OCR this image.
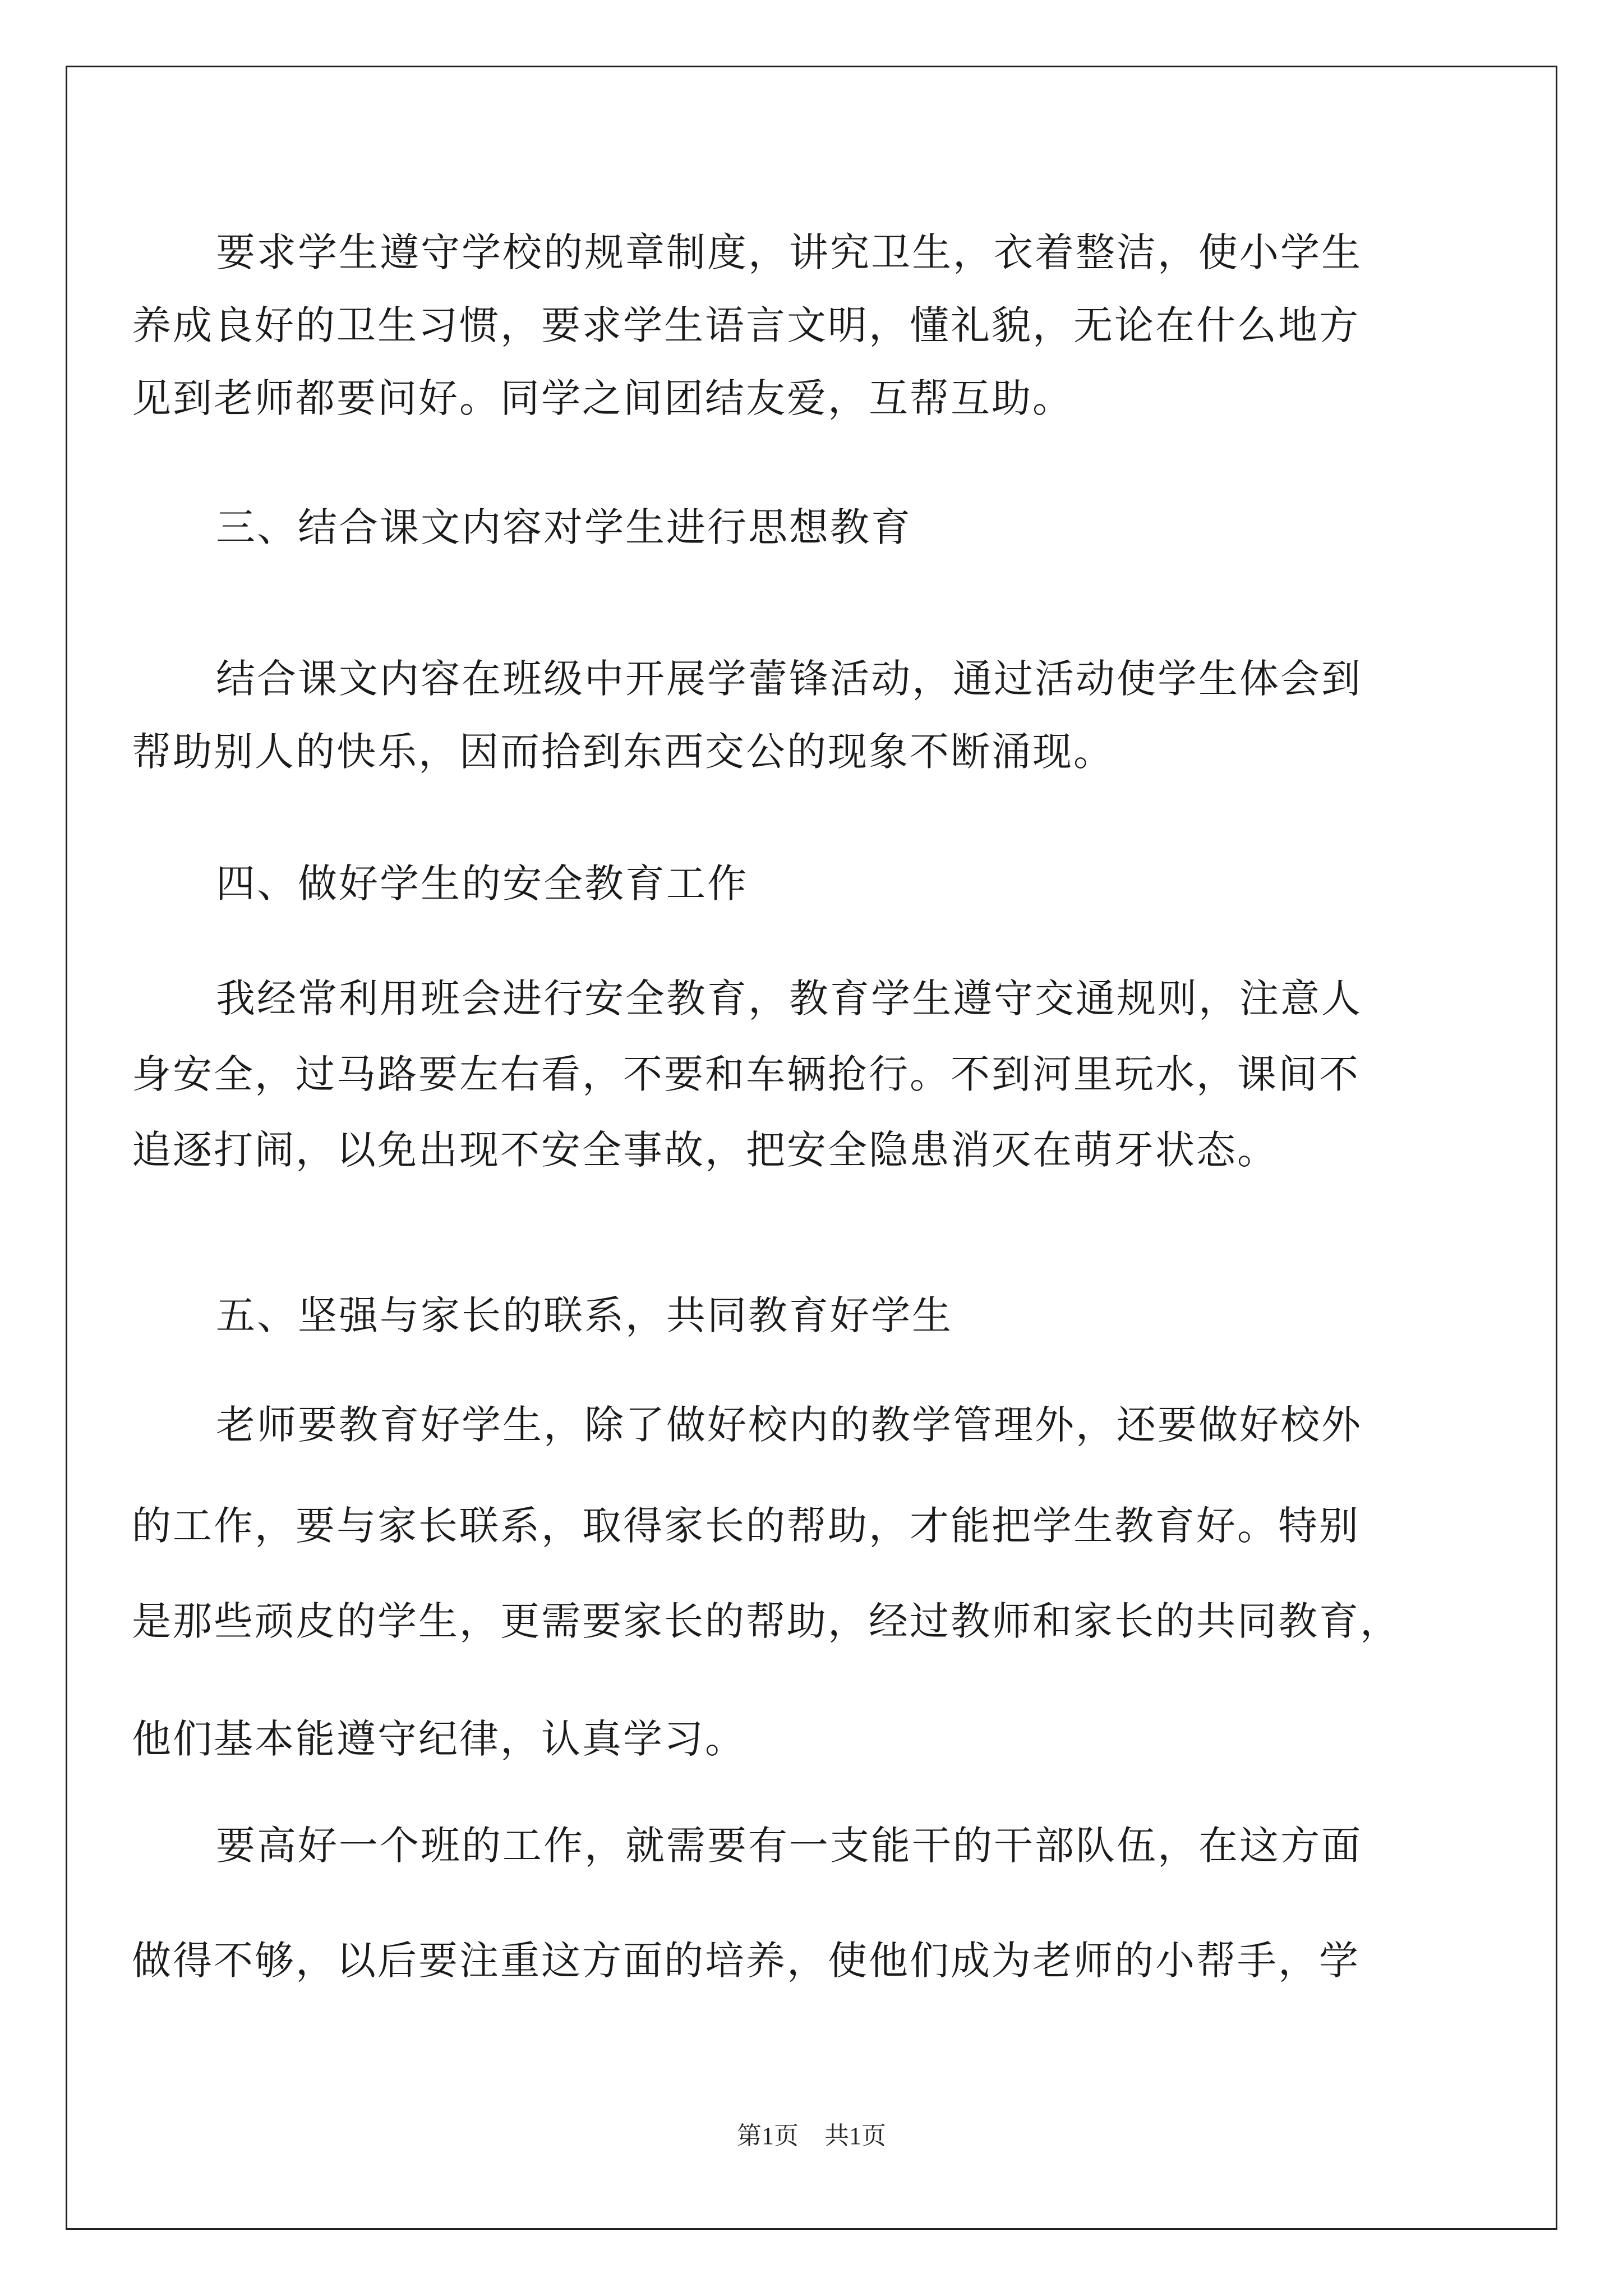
要求学生遵守学校的规章制度，讲究卫生，衣着整洁，使小学生

养成良好的卫生习惯，要求学生语言文明，懂礼貌，无论在什么地方

见到老师都要问好。同学之间团结友爱，互帮互助。

三、结合课文内容对学生进行思想教育

结合课文内容在班级中开展学蕾锋活动，通过活动使学生体会到

帮助别人的快乐，因而拾到东西交公的现象不断涌现。

四、做好学生的安全教育工作

我经常利用班会进行安全教育，教育学生遵守交通规则，注意人

身安全，过马路要左右看，不要和车辆抢行。不到河里玩水，课间不

追逐打闹，以免出现不安全事故，把安全隐患消灭在萌牙状态。

五、坚强与家长的联系，共同教育好学生

老师要教育好学生，除了做好校内的教学管理外，还要做好校外

的工作，要与家长联系，取得家长的帮助，才能把学生教育好。特别

是那些顽皮的学生，更需要家长的帮助，经过教师和家长的共同教育，

他们基本能遵守纪律，认真学习。

要高好一个班的工作，就需要有一支能干的干部队伍，在这方面

做得不够，以后要注重这方面的培养，使他们成为老师的小帮手，学

第1页 共1页
